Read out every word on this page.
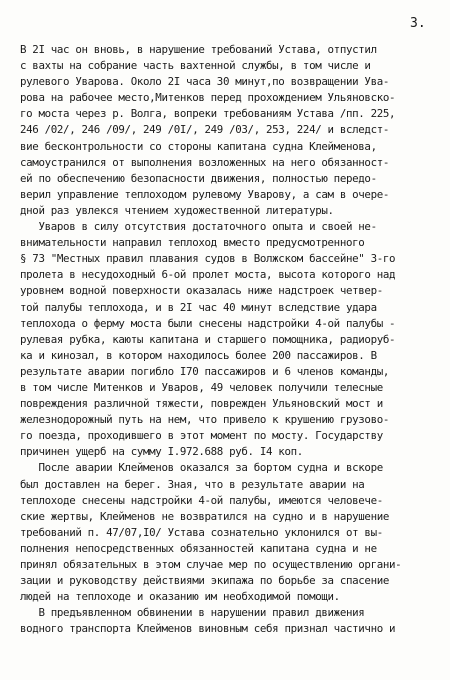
3.
В 2I час он вновь, в нарушение требований Устава, отпустил
с вахты на собрание часть вахтенной службы, в том числе и
рулевого Уварова. Около 2I часа 30 минут,по возвращении Ува-
рова на рабочее место,Митенков перед прохождением Ульяновско-
го моста через р. Волга, вопреки требованиям Устава /пп. 225,
246 /02/, 246 /09/, 249 /0I/, 249 /03/, 253, 224/ и вследст-
вие бесконтрольности со стороны капитана судна Клейменова,
самоустранился от выполнения возложенных на него обязанност-
ей по обеспечению безопасности движения, полностью передо-
верил управление теплоходом рулевому Уварову, а сам в очере-
дной раз увлекся чтением художественной литературы.
Уваров в силу отсутствия достаточного опыта и своей не-
внимательности направил теплоход вместо предусмотренного
§ 73 "Местных правил плавания судов в Волжском бассейне" 3-го
пролета в несудоходный 6-ой пролет моста, высота которого над
уровнем водной поверхности оказалась ниже надстроек четвер-
той палубы теплохода, и в 2I час 40 минут вследствие удара
теплохода о ферму моста были снесены надстройки 4-ой палубы -
рулевая рубка, каюты капитана и старшего помощника, радиоруб-
ка и кинозал, в котором находилось более 200 пассажиров. В
результате аварии погибло I70 пассажиров и 6 членов команды,
в том числе Митенков и Уваров, 49 человек получили телесные
повреждения различной тяжести, поврежден Ульяновский мост и
железнодорожный путь на нем, что привело к крушению грузово-
го поезда, проходившего в этот момент по мосту. Государству
причинен ущерб на сумму I.972.688 руб. I4 коп.
После аварии Клейменов оказался за бортом судна и вскоре
был доставлен на берег. Зная, что в результате аварии на
теплоходе снесены надстройки 4-ой палубы, имеются человече-
ские жертвы, Клейменов не возвратился на судно и в нарушение
требований п. 47/07,I0/ Устава сознательно уклонился от вы-
полнения непосредственных обязанностей капитана судна и не
принял обязательных в этом случае мер по осуществлению органи-
зации и руководству действиями экипажа по борьбе за спасение
людей на теплоходе и оказанию им необходимой помощи.
В предъявленном обвинении в нарушении правил движения
водного транспорта Клейменов виновным себя признал частично и
